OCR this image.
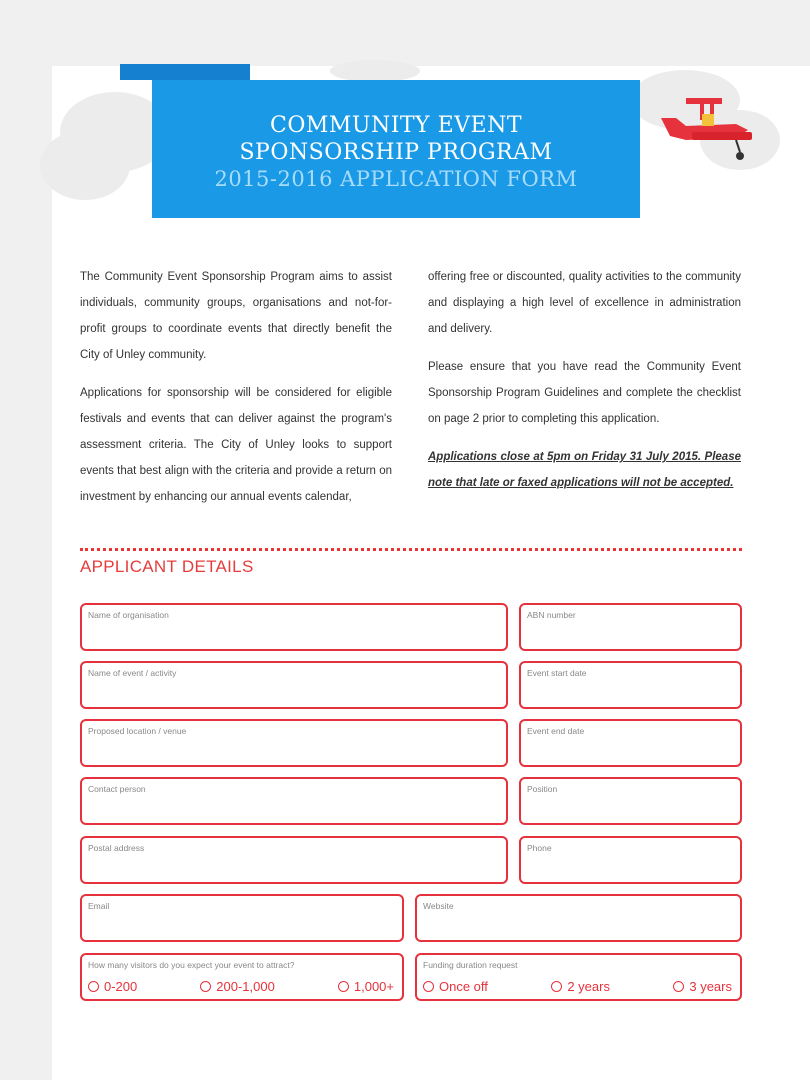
COMMUNITY EVENT
SPONSORSHIP PROGRAM
2015-2016 APPLICATION FORM

The Community Event Sponsorship Program aims to assist individuals, community groups, organisations and not-for-profit groups to coordinate events that directly benefit the City of Unley community.

Applications for sponsorship will be considered for eligible festivals and events that can deliver against the program's assessment criteria. The City of Unley looks to support events that best align with the criteria and provide a return on investment by enhancing our annual events calendar,

offering free or discounted, quality activities to the community and displaying a high level of excellence in administration and delivery.

Please ensure that you have read the Community Event Sponsorship Program Guidelines and complete the checklist on page 2 prior to completing this application.

Applications close at 5pm on Friday 31 July 2015. Please note that late or faxed applications will not be accepted.

APPLICANT DETAILS
Name of organisation	ABN number
Name of event / activity	Event start date
Proposed location / venue	Event end date
Contact person	Position
Postal address	Phone
Email	Website
How many visitors do you expect your event to attract?
0-200	200-1,000	1,000+
Funding duration request
Once off	2 years	3 years
